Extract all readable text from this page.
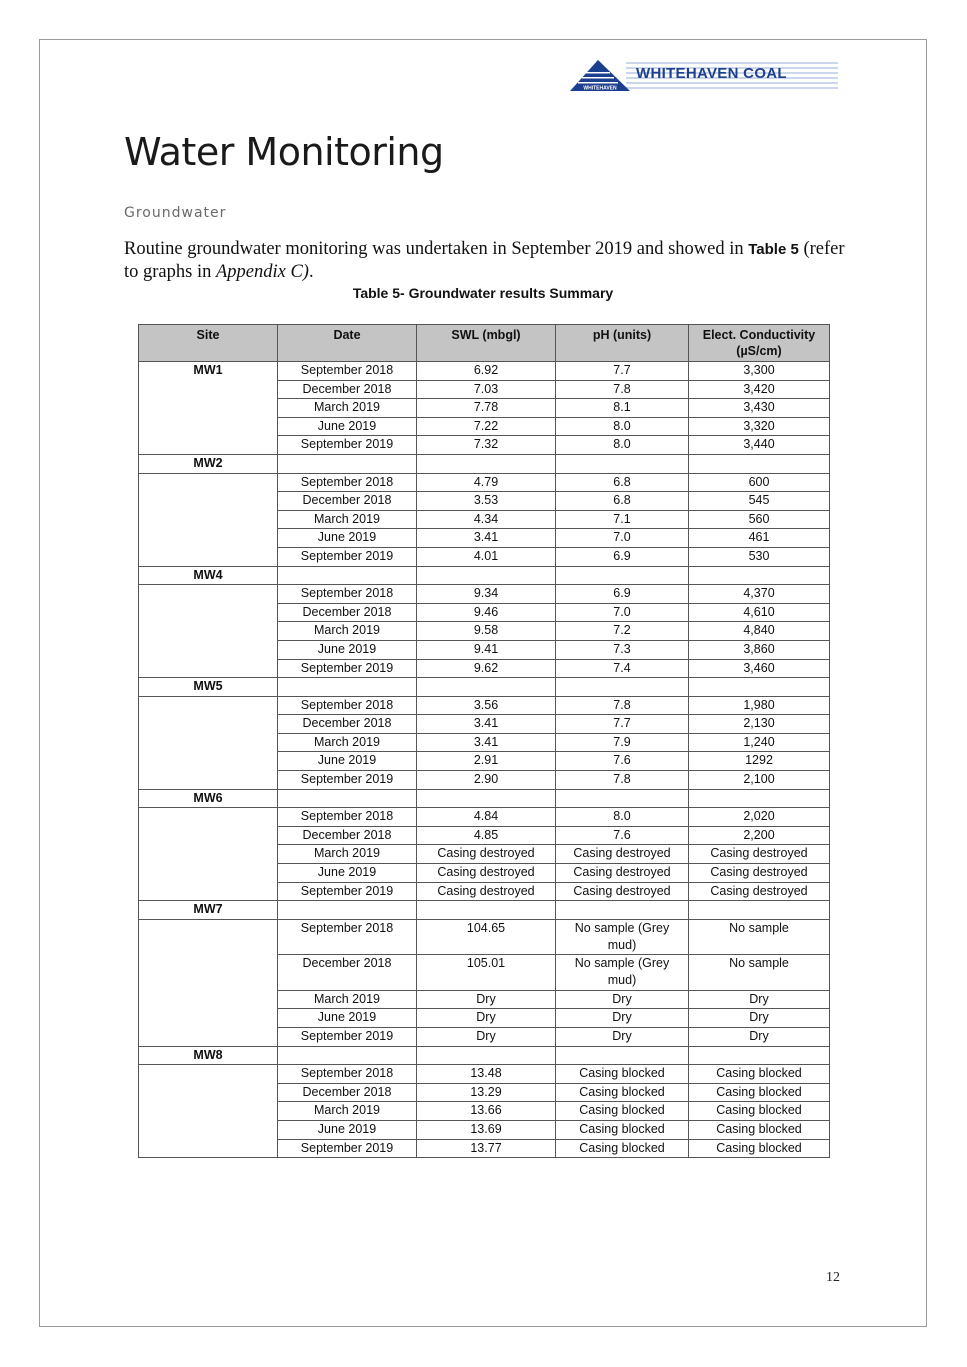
WHITEHAVEN
WHITEHAVEN COAL
Water Monitoring
Groundwater

Routine groundwater monitoring was undertaken in September 2019 and showed in Table 5 (refer to graphs in Appendix C).

Table 5- Groundwater results Summary
Site	Date	SWL (mbgl)	pH (units)	Elect. Conductivity (µS/cm)
MW1	September 2018	6.92	7.7	3,300
	December 2018	7.03	7.8	3,420
	March 2019	7.78	8.1	3,430
	June 2019	7.22	8.0	3,320
	September 2019	7.32	8.0	3,440
MW2				
	September 2018	4.79	6.8	600
	December 2018	3.53	6.8	545
	March 2019	4.34	7.1	560
	June 2019	3.41	7.0	461
	September 2019	4.01	6.9	530
MW4				
	September 2018	9.34	6.9	4,370
	December 2018	9.46	7.0	4,610
	March 2019	9.58	7.2	4,840
	June 2019	9.41	7.3	3,860
	September 2019	9.62	7.4	3,460
MW5				
	September 2018	3.56	7.8	1,980
	December 2018	3.41	7.7	2,130
	March 2019	3.41	7.9	1,240
	June 2019	2.91	7.6	1292
	September 2019	2.90	7.8	2,100
MW6				
	September 2018	4.84	8.0	2,020
	December 2018	4.85	7.6	2,200
	March 2019	Casing destroyed	Casing destroyed	Casing destroyed
	June 2019	Casing destroyed	Casing destroyed	Casing destroyed
	September 2019	Casing destroyed	Casing destroyed	Casing destroyed
MW7				
	September 2018	104.65	No sample (Grey mud)	No sample
	December 2018	105.01	No sample (Grey mud)	No sample
	March 2019	Dry	Dry	Dry
	June 2019	Dry	Dry	Dry
	September 2019	Dry	Dry	Dry
MW8				
	September 2018	13.48	Casing blocked	Casing blocked
	December 2018	13.29	Casing blocked	Casing blocked
	March 2019	13.66	Casing blocked	Casing blocked
	June 2019	13.69	Casing blocked	Casing blocked
	September 2019	13.77	Casing blocked	Casing blocked
12
